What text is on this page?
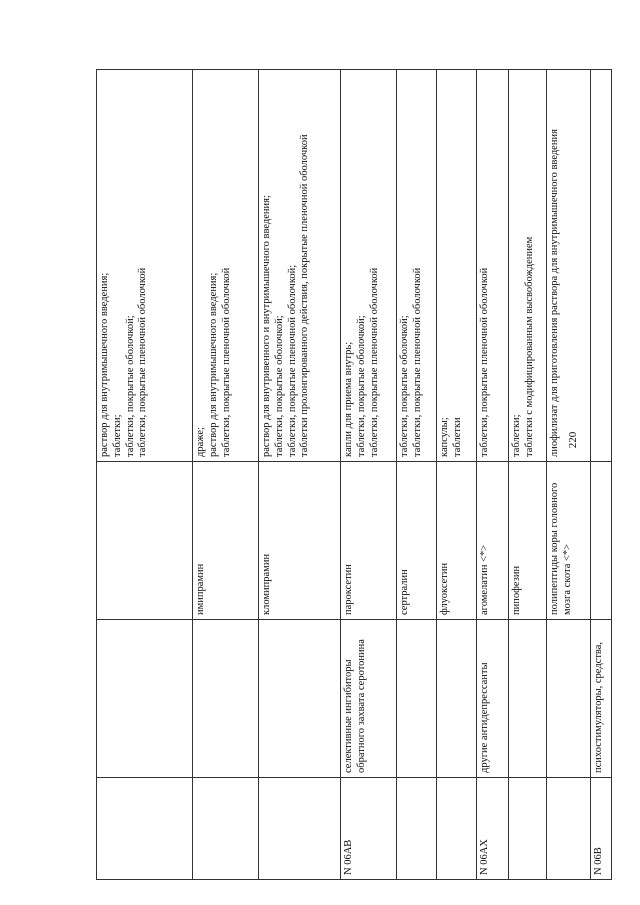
			раствор для внутримышечного введения; таблетки; таблетки, покрытые оболочкой; таблетки, покрытые пленочной оболочкой

		имипрамин	драже; раствор для внутримышечного введения; таблетки, покрытые пленочной оболочкой

		кломипрамин	раствор для внутривенного и внутримышечного введения; таблетки, покрытые оболочкой; таблетки, покрытые пленочной оболочкой; таблетки пролонгированного действия, покрытые пленочной оболочкой

N 06AB	селективные ингибиторы обратного захвата серотонина	пароксетин	капли для приема внутрь; таблетки, покрытые оболочкой; таблетки, покрытые пленочной оболочкой

		сертралин	таблетки, покрытые оболочкой; таблетки, покрытые пленочной оболочкой

		флуоксетин	капсулы; таблетки

N 06AX	другие антидепрессанты	агомелатин <*>	таблетки, покрытые пленочной оболочкой

		пипофезин	таблетки; таблетки с модифицированным высвобождением

		полипептиды коры головного мозга скота <*>	лиофилизат для приготовления раствора для внутримышечного введения

N 06B	психостимуляторы, средства,		
220
